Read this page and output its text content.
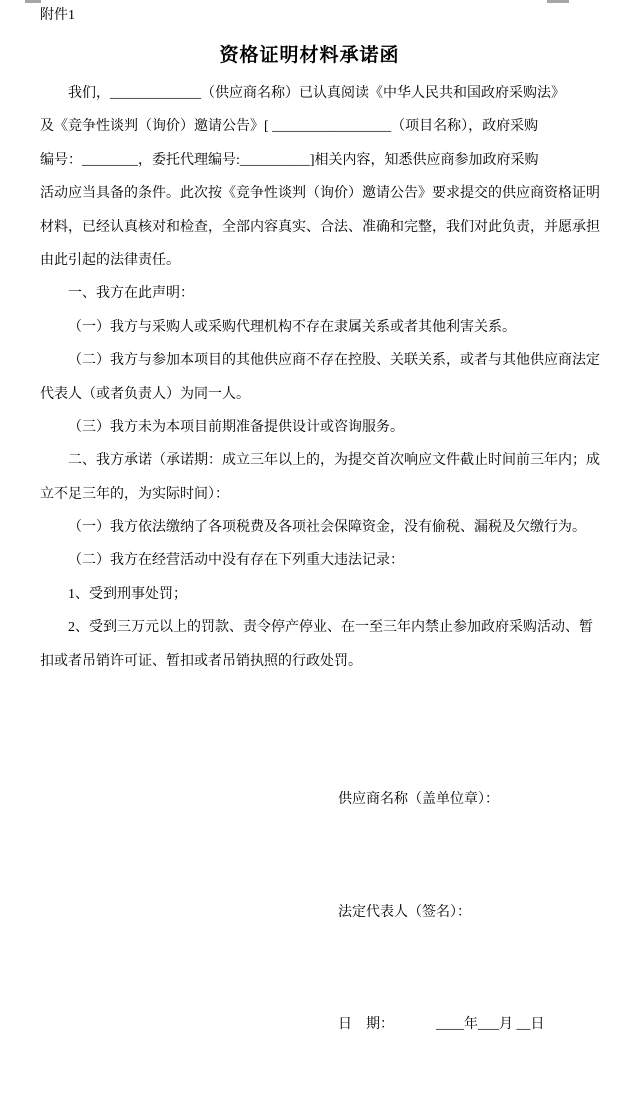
附件1
资格证明材料承诺函
我们，_____________（供应商名称）已认真阅读《中华人民共和国政府采购法》
及《竞争性谈判（询价）邀请公告》[ _________________（项目名称），政府采购
编号：________，委托代理编号:__________]相关内容，知悉供应商参加政府采购
活动应当具备的条件。此次按《竞争性谈判（询价）邀请公告》要求提交的供应商资格证明
材料，已经认真核对和检查，全部内容真实、合法、准确和完整，我们对此负责，并愿承担
由此引起的法律责任。
一、我方在此声明：
（一）我方与采购人或采购代理机构不存在隶属关系或者其他利害关系。
（二）我方与参加本项目的其他供应商不存在控股、关联关系，或者与其他供应商法定
代表人（或者负责人）为同一人。
（三）我方未为本项目前期准备提供设计或咨询服务。
二、我方承诺（承诺期：成立三年以上的，为提交首次响应文件截止时间前三年内；成
立不足三年的，为实际时间）：
（一）我方依法缴纳了各项税费及各项社会保障资金，没有偷税、漏税及欠缴行为。
（二）我方在经营活动中没有存在下列重大违法记录：
1、受到刑事处罚；
2、受到三万元以上的罚款、责令停产停业、在一至三年内禁止参加政府采购活动、暂
扣或者吊销许可证、暂扣或者吊销执照的行政处罚。

供应商名称（盖单位章）：

法定代表人（签名）：

日    期：	____年___月 __日
